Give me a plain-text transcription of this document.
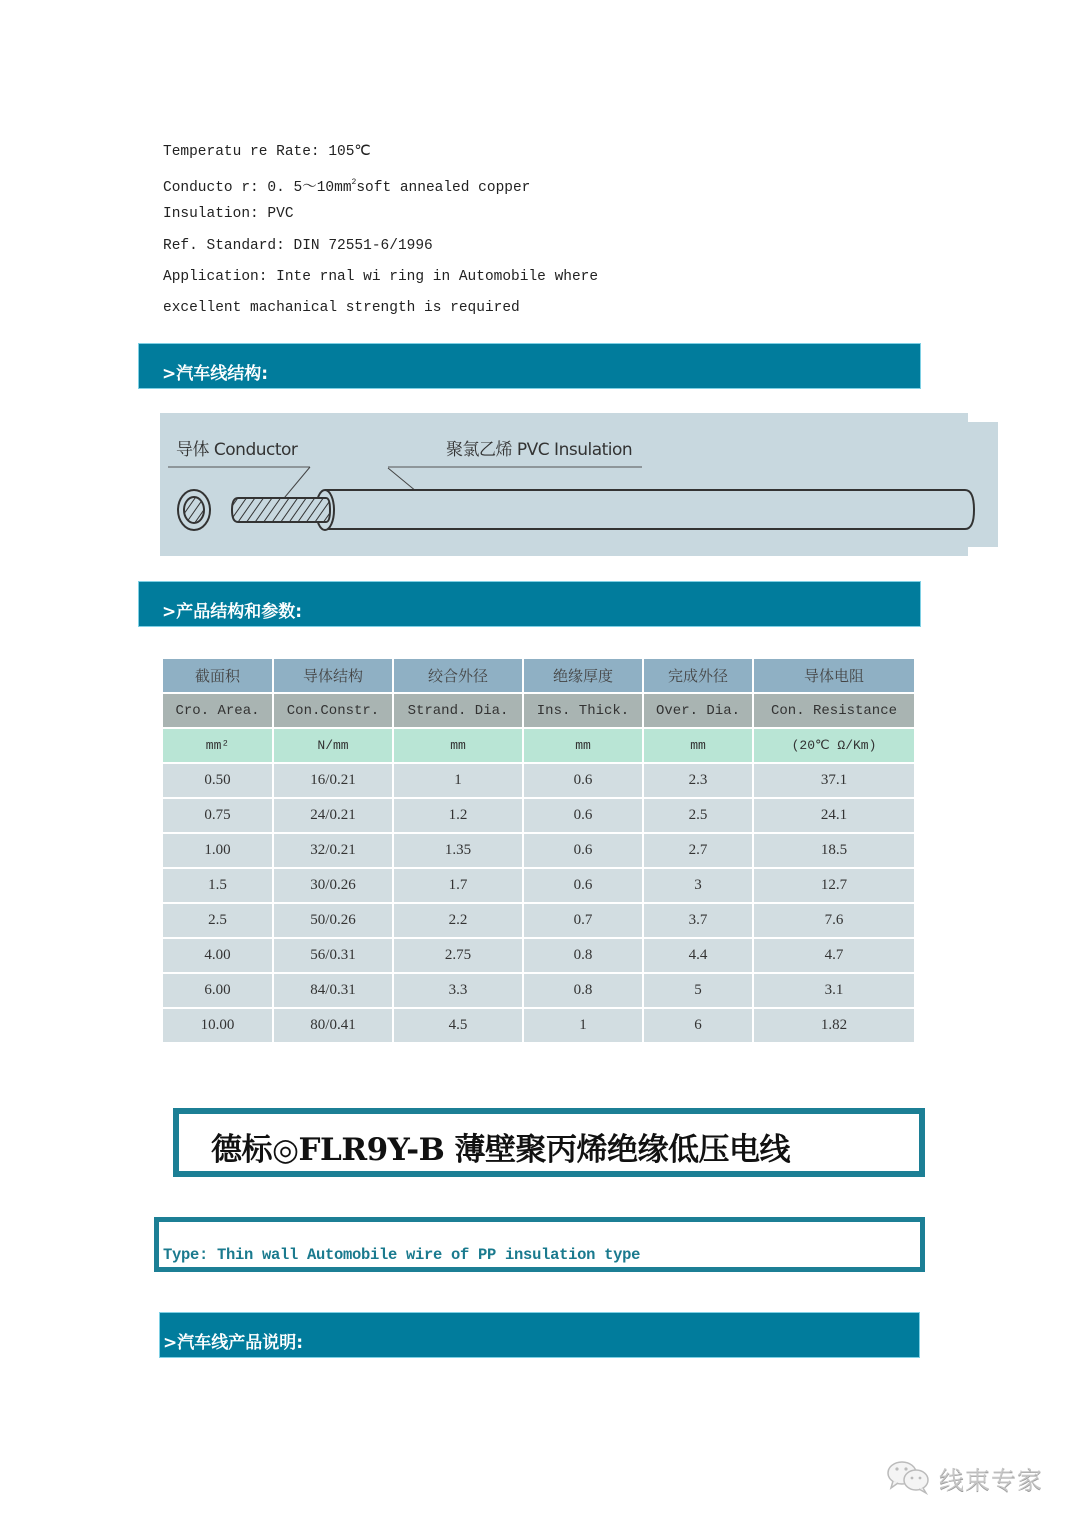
Temperatu re Rate: 105℃
Conducto r: 0. $5\sim 10mm^2soft$ annealed copper
Insulation: PVC
Ref. Standard: DIN 72551-6/1996
Application: Inte rnal wi ring in Automobile where
excellent machanical strength is required
>汽车线结构:
导体 Conductor	聚氯乙烯 PVC Insulation
>产品结构和参数:
截面积	导体结构	绞合外径	绝缘厚度	完成外径	导体电阻
Cro. Area.	Con.Constr.	Strand. Dia.	Ins. Thick.	Over. Dia.	Con. Resistance
mm²	N/mm	mm	mm	mm	(20℃ Ω/Km)
0.50	16/0.21	1	0.6	2.3	37.1
0.75	24/0.21	1.2	0.6	2.5	24.1
1.00	32/0.21	1.35	0.6	2.7	18.5
1.5	30/0.26	1.7	0.6	3	12.7
2.5	50/0.26	2.2	0.7	3.7	7.6
4.00	56/0.31	2.75	0.8	4.4	4.7
6.00	84/0.31	3.3	0.8	5	3.1
10.00	80/0.41	4.5	1	6	1.82
德标◎FLR9Y-B 薄壁聚丙烯绝缘低压电线
Type: Thin wall Automobile wire of PP insulation type
>汽车线产品说明:
线束专家
